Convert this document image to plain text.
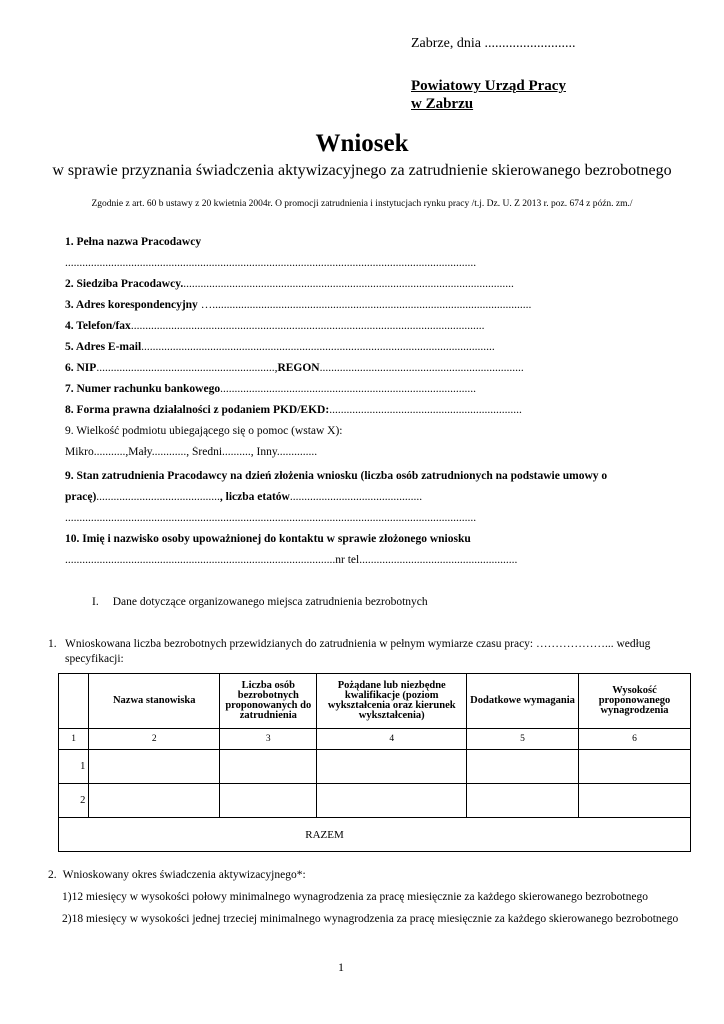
Zabrze, dnia ..........................
Powiatowy Urząd Pracy
w Zabrzu
Wniosek
w sprawie przyznania świadczenia aktywizacyjnego za zatrudnienie skierowanego bezrobotnego
Zgodnie z art. 60 b ustawy z 20 kwietnia 2004r. O promocji zatrudnienia i instytucjach rynku pracy /t.j. Dz. U. Z 2013 r. poz. 674 z późn. zm./
1. Pełna nazwa Pracodawcy
...............................................................................................................................................
2. Siedziba Pracodawcy....................................................................................................................
3. Adres korespondencyjny …...............................................................................................................
4. Telefon/fax...........................................................................................................................
5. Adres E-mail...........................................................................................................................
6. NIP..............................................................,REGON.......................................................................
7. Numer rachunku bankowego.........................................................................................
8. Forma prawna działalności z podaniem PKD/EKD:...................................................................
9. Wielkość podmiotu ubiegającego się o pomoc (wstaw X):
Mikro...........,Mały............, Średni.........., Inny..............
9. Stan zatrudnienia Pracodawcy na dzień złożenia wniosku (liczba osób zatrudnionych na podstawie umowy o
pracę)..........................................., liczba etatów..............................................
...............................................................................................................................................
10. Imię i nazwisko osoby upoważnionej do kontaktu w sprawie złożonego wniosku
..............................................................................................nr tel.......................................................
I. Dane dotyczące organizowanego miejsca zatrudnienia bezrobotnych
1. Wnioskowana liczba bezrobotnych przewidzianych do zatrudnienia w pełnym wymiarze czasu pracy: ………………... według specyfikacji:
	Nazwa stanowiska	Liczba osób bezrobotnych proponowanych do zatrudnienia	Pożądane lub niezbędne kwalifikacje (poziom wykształcenia oraz kierunek wykształcenia)	Dodatkowe wymagania	Wysokość proponowanego wynagrodzenia
1	2	3	4	5	6
1					
2					
RAZEM					
2. Wnioskowany okres świadczenia aktywizacyjnego*:
1)12 miesięcy w wysokości połowy minimalnego wynagrodzenia za pracę miesięcznie za każdego skierowanego bezrobotnego
2)18 miesięcy w wysokości jednej trzeciej minimalnego wynagrodzenia za pracę miesięcznie za każdego skierowanego bezrobotnego
1
